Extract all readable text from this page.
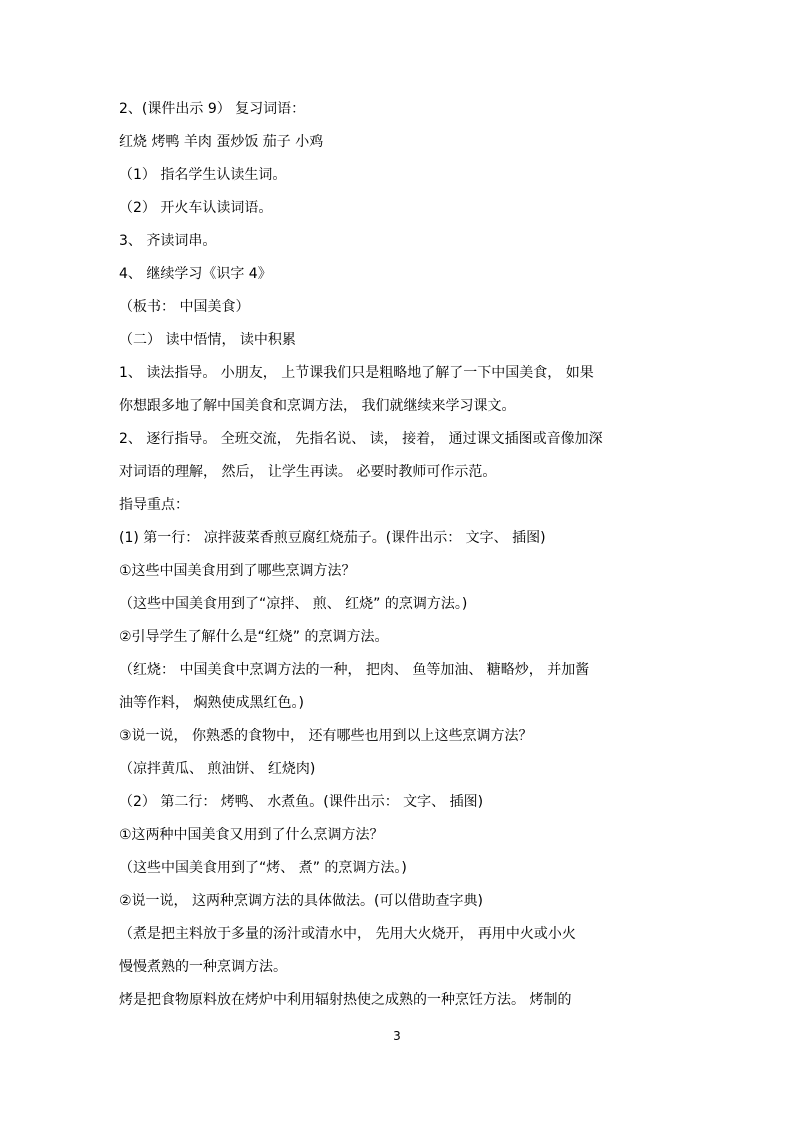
2、(课件出示 9） 复习词语：
红烧 烤鸭 羊肉 蛋炒饭 茄子 小鸡
（1） 指名学生认读生词。
（2） 开火车认读词语。
3、 齐读词串。
4、 继续学习《识字 4》
（板书： 中国美食）
（二） 读中悟情， 读中积累
1、 读法指导。 小朋友， 上节课我们只是粗略地了解了一下中国美食， 如果
你想跟多地了解中国美食和烹调方法， 我们就继续来学习课文。
2、 逐行指导。 全班交流， 先指名说、 读， 接着， 通过课文插图或音像加深
对词语的理解， 然后， 让学生再读。 必要时教师可作示范。
指导重点：
(1) 第一行： 凉拌菠菜香煎豆腐红烧茄子。(课件出示： 文字、 插图)
①这些中国美食用到了哪些烹调方法？
（这些中国美食用到了“凉拌、 煎、 红烧” 的烹调方法。)
②引导学生了解什么是“红烧” 的烹调方法。
（红烧： 中国美食中烹调方法的一种， 把肉、 鱼等加油、 糖略炒， 并加酱
油等作料， 焖熟使成黑红色。)
③说一说， 你熟悉的食物中， 还有哪些也用到以上这些烹调方法？
（凉拌黄瓜、 煎油饼、 红烧肉)
（2） 第二行： 烤鸭、 水煮鱼。(课件出示： 文字、 插图)
①这两种中国美食又用到了什么烹调方法？
（这些中国美食用到了“烤、 煮” 的烹调方法。)
②说一说， 这两种烹调方法的具体做法。(可以借助查字典)
（煮是把主料放于多量的汤汁或清水中， 先用大火烧开， 再用中火或小火
慢慢煮熟的一种烹调方法。
烤是把食物原料放在烤炉中利用辐射热使之成熟的一种烹饪方法。 烤制的
3
